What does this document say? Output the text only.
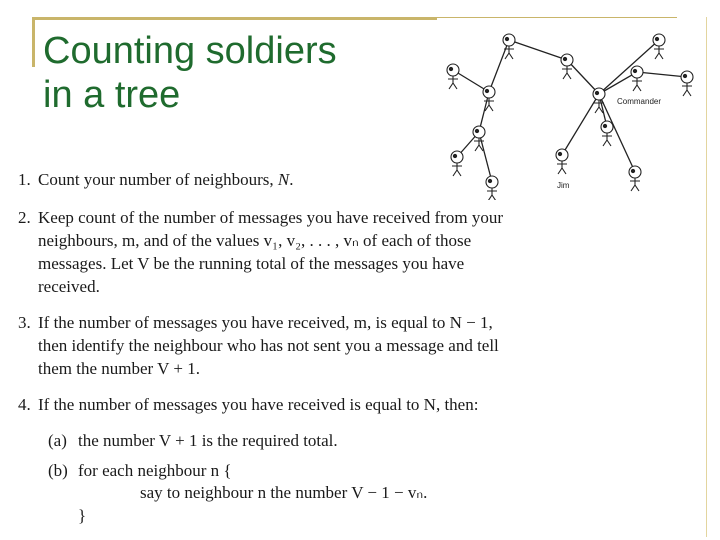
Counting soldiers
in a tree	Commander
Jim
1. Count your number of neighbours, N.
2. Keep count of the number of messages you have received from your
neighbours, m, and of the values v₁, v₂, . . . , vₙ of each of those
messages. Let V be the running total of the messages you have
received.
3. If the number of messages you have received, m, is equal to N − 1,
then identify the neighbour who has not sent you a message and tell
them the number V + 1.
4. If the number of messages you have received is equal to N, then:
(a) the number V + 1 is the required total.
(b) for each neighbour n {
say to neighbour n the number V − 1 − vₙ.
}
